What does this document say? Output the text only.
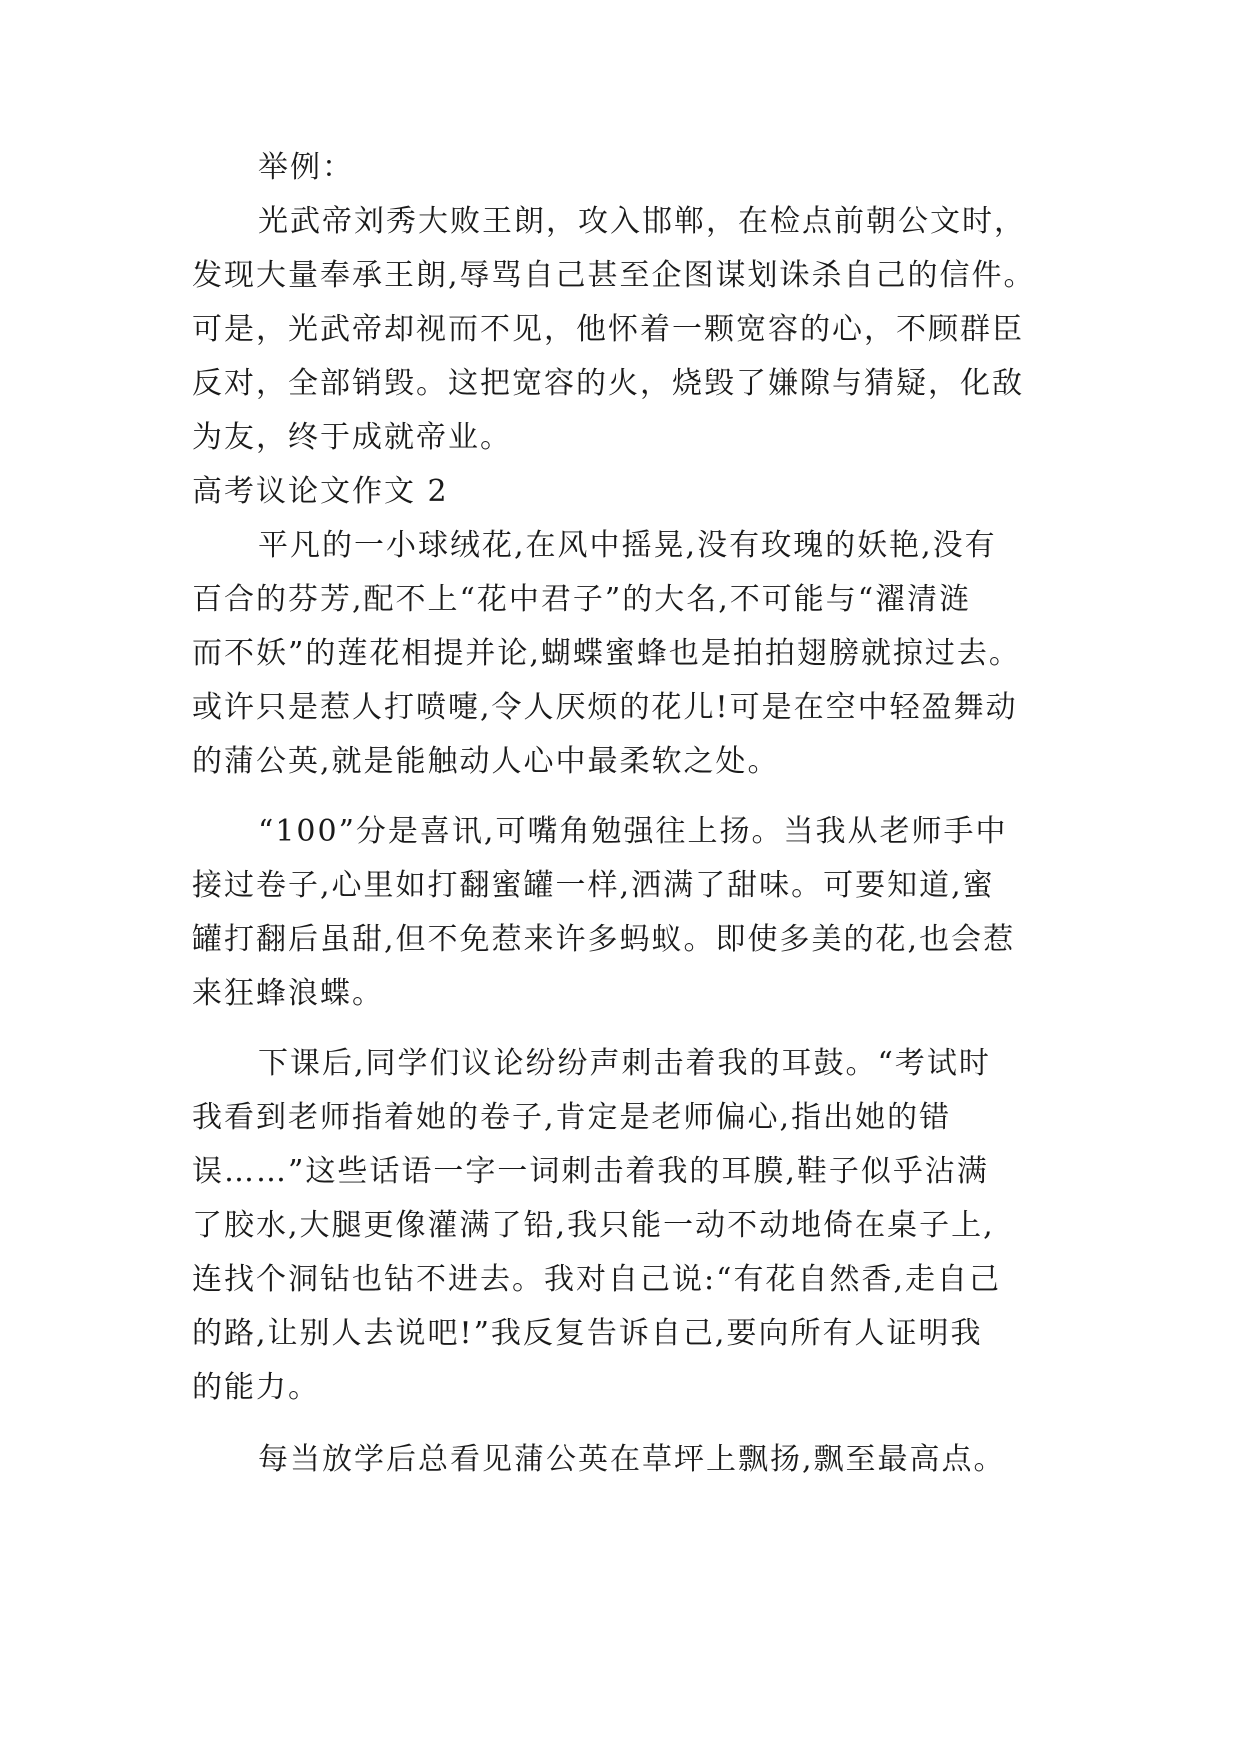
举例：
光武帝刘秀大败王朗，攻入邯郸，在检点前朝公文时，
发现大量奉承王朗,辱骂自己甚至企图谋划诛杀自己的信件。
可是，光武帝却视而不见，他怀着一颗宽容的心，不顾群臣
反对，全部销毁。这把宽容的火，烧毁了嫌隙与猜疑，化敌
为友，终于成就帝业。
高考议论文作文 2
平凡的一小球绒花,在风中摇晃,没有玫瑰的妖艳,没有
百合的芬芳,配不上“花中君子”的大名,不可能与“濯清涟
而不妖”的莲花相提并论,蝴蝶蜜蜂也是拍拍翅膀就掠过去。
或许只是惹人打喷嚏,令人厌烦的花儿!可是在空中轻盈舞动
的蒲公英,就是能触动人心中最柔软之处。
“100”分是喜讯,可嘴角勉强往上扬。当我从老师手中
接过卷子,心里如打翻蜜罐一样,洒满了甜味。可要知道,蜜
罐打翻后虽甜,但不免惹来许多蚂蚁。即使多美的花,也会惹
来狂蜂浪蝶。
下课后,同学们议论纷纷声刺击着我的耳鼓。“考试时
我看到老师指着她的卷子,肯定是老师偏心,指出她的错
误……”这些话语一字一词刺击着我的耳膜,鞋子似乎沾满
了胶水,大腿更像灌满了铅,我只能一动不动地倚在桌子上,
连找个洞钻也钻不进去。我对自己说:“有花自然香,走自己
的路,让别人去说吧!”我反复告诉自己,要向所有人证明我
的能力。
每当放学后总看见蒲公英在草坪上飘扬,飘至最高点。
